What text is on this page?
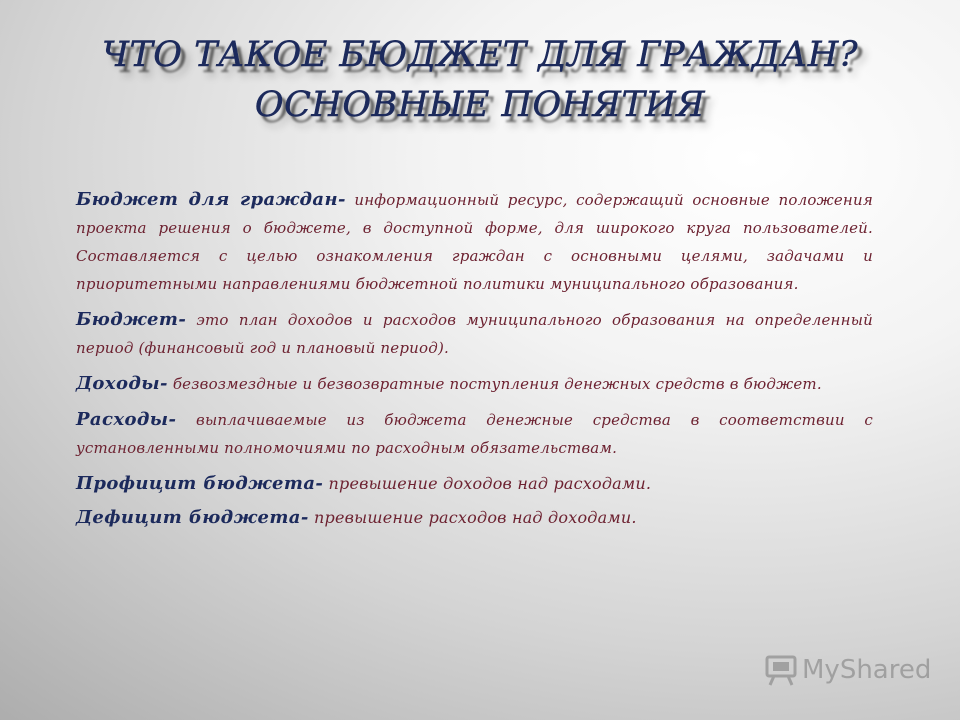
ЧТО ТАКОЕ БЮДЖЕТ ДЛЯ ГРАЖДАН?
ОСНОВНЫЕ ПОНЯТИЯ

Бюджет для граждан- информационный ресурс, содержащий основные положения проекта решения о бюджете, в доступной форме, для широкого круга пользователей. Составляется с целью ознакомления граждан с основными целями, задачами и приоритетными направлениями бюджетной политики муниципального образования.

Бюджет- это план доходов и расходов муниципального образования на определенный период (финансовый год и плановый период).

Доходы- безвозмездные и безвозвратные поступления денежных средств в бюджет.

Расходы- выплачиваемые из бюджета денежные средства в соответствии с установленными полномочиями по расходным обязательствам.

Профицит бюджета- превышение доходов над расходами.

Дефицит бюджета- превышение расходов над доходами.

MyShared
